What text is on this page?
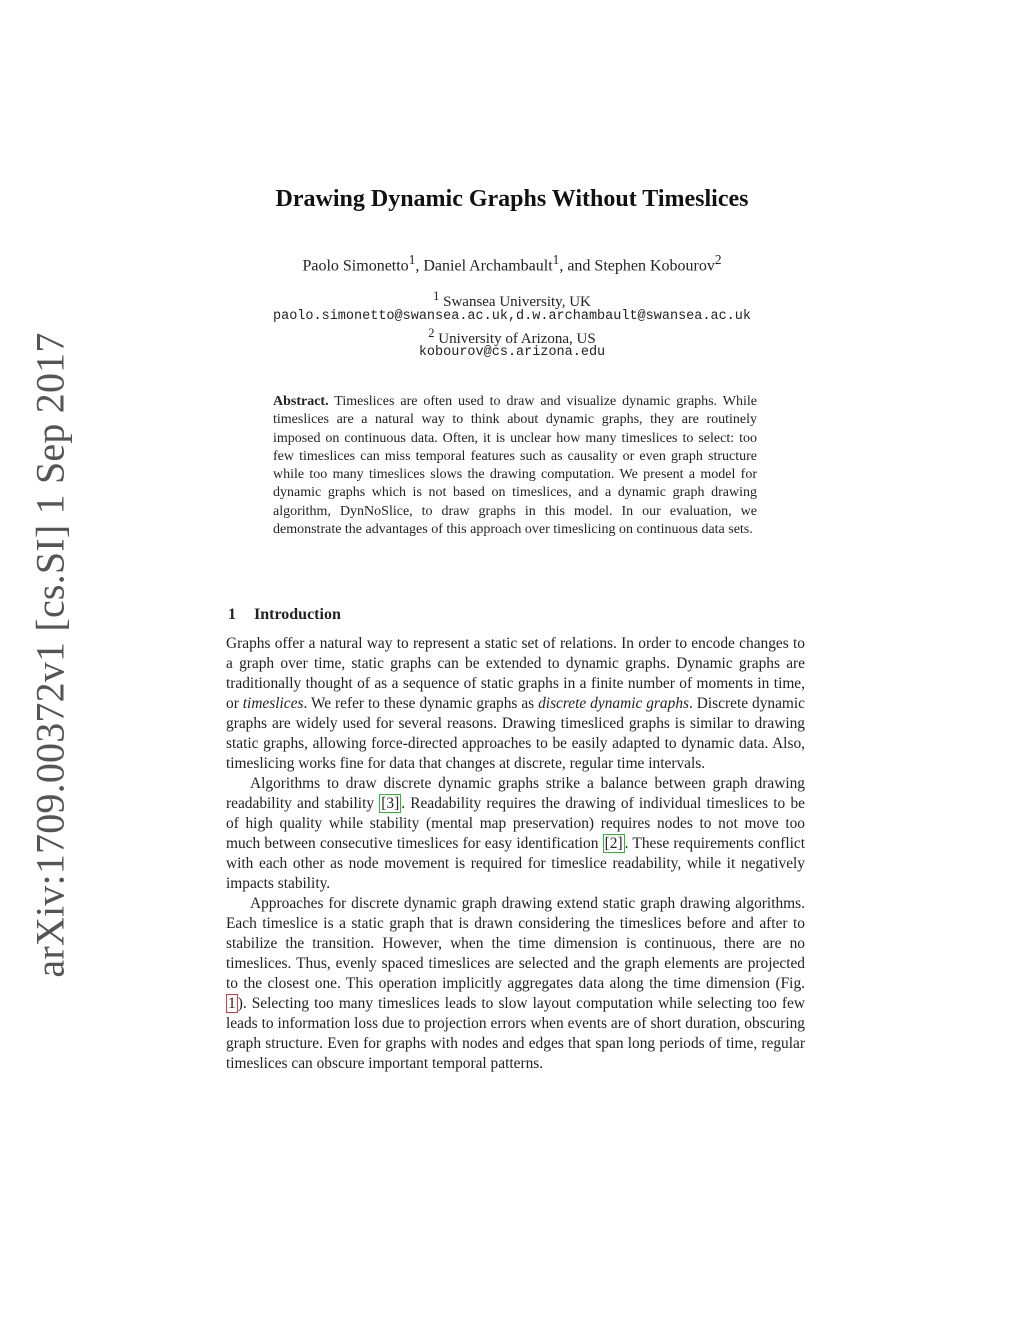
arXiv:1709.00372v1 [cs.SI] 1 Sep 2017
Drawing Dynamic Graphs Without Timeslices
Paolo Simonetto$^1$, Daniel Archambault$^1$, and Stephen Kobourov$^2$
$^1$ Swansea University, UK
paolo.simonetto@swansea.ac.uk,d.w.archambault@swansea.ac.uk
$^2$ University of Arizona, US
kobourov@cs.arizona.edu
Abstract. Timeslices are often used to draw and visualize dynamic graphs. While timeslices are a natural way to think about dynamic graphs, they are routinely imposed on continuous data. Often, it is unclear how many timeslices to select: too few timeslices can miss temporal features such as causality or even graph structure while too many timeslices slows the drawing computation. We present a model for dynamic graphs which is not based on timeslices, and a dynamic graph drawing algorithm, DynNoSlice, to draw graphs in this model. In our evaluation, we demonstrate the advantages of this approach over timeslicing on continuous data sets.
1 Introduction

Graphs offer a natural way to represent a static set of relations. In order to encode changes to a graph over time, static graphs can be extended to dynamic graphs. Dynamic graphs are traditionally thought of as a sequence of static graphs in a finite number of moments in time, or timeslices. We refer to these dynamic graphs as discrete dynamic graphs. Discrete dynamic graphs are widely used for several reasons. Drawing timesliced graphs is similar to drawing static graphs, allowing force-directed approaches to be easily adapted to dynamic data. Also, timeslicing works fine for data that changes at discrete, regular time intervals.

Algorithms to draw discrete dynamic graphs strike a balance between graph drawing readability and stability [3] . Readability requires the drawing of individual timeslices to be of high quality while stability (mental map preservation) requires nodes to not move too much between consecutive timeslices for easy identification [2] . These requirements conflict with each other as node movement is required for timeslice readability, while it negatively impacts stability.

Approaches for discrete dynamic graph drawing extend static graph drawing algorithms. Each timeslice is a static graph that is drawn considering the timeslices before and after to stabilize the transition. However, when the time dimension is continuous, there are no timeslices. Thus, evenly spaced timeslices are selected and the graph elements are projected to the closest one. This operation implicitly aggregates data along the time dimension (Fig. 1 ). Selecting too many timeslices leads to slow layout computation while selecting too few leads to information loss due to projection errors when events are of short duration, obscuring graph structure. Even for graphs with nodes and edges that span long periods of time, regular timeslices can obscure important temporal patterns.
